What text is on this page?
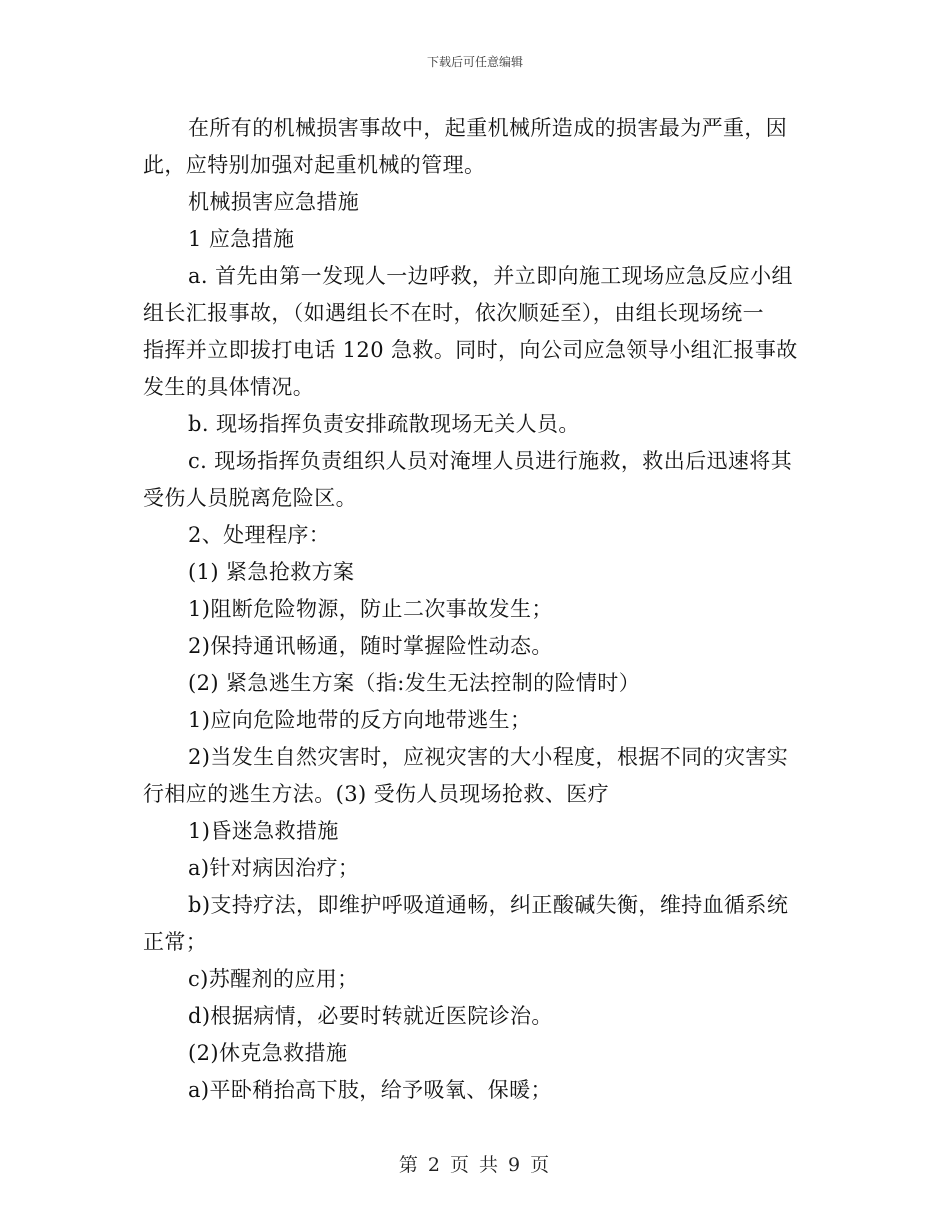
下载后可任意编辑

在所有的机械损害事故中，起重机械所造成的损害最为严重，因

此，应特别加强对起重机械的管理。

机械损害应急措施

1 应急措施

a. 首先由第一发现人一边呼救，并立即向施工现场应急反应小组

组长汇报事故，（如遇组长不在时，依次顺延至），由组长现场统一

指挥并立即拔打电话 120 急救。同时，向公司应急领导小组汇报事故

发生的具体情况。

b. 现场指挥负责安排疏散现场无关人员。

c. 现场指挥负责组织人员对淹埋人员进行施救，救出后迅速将其

受伤人员脱离危险区。

2、处理程序：

(1) 紧急抢救方案

1)阻断危险物源，防止二次事故发生；

2)保持通讯畅通，随时掌握险性动态。

(2) 紧急逃生方案（指:发生无法控制的险情时）

1)应向危险地带的反方向地带逃生；

2)当发生自然灾害时，应视灾害的大小程度，根据不同的灾害实

行相应的逃生方法。(3) 受伤人员现场抢救、医疗

1)昏迷急救措施

a)针对病因治疗；

b)支持疗法，即维护呼吸道通畅，纠正酸碱失衡，维持血循系统

正常；

c)苏醒剂的应用；

d)根据病情，必要时转就近医院诊治。

(2)休克急救措施

a)平卧稍抬高下肢，给予吸氧、保暖；

第 2 页 共 9 页
